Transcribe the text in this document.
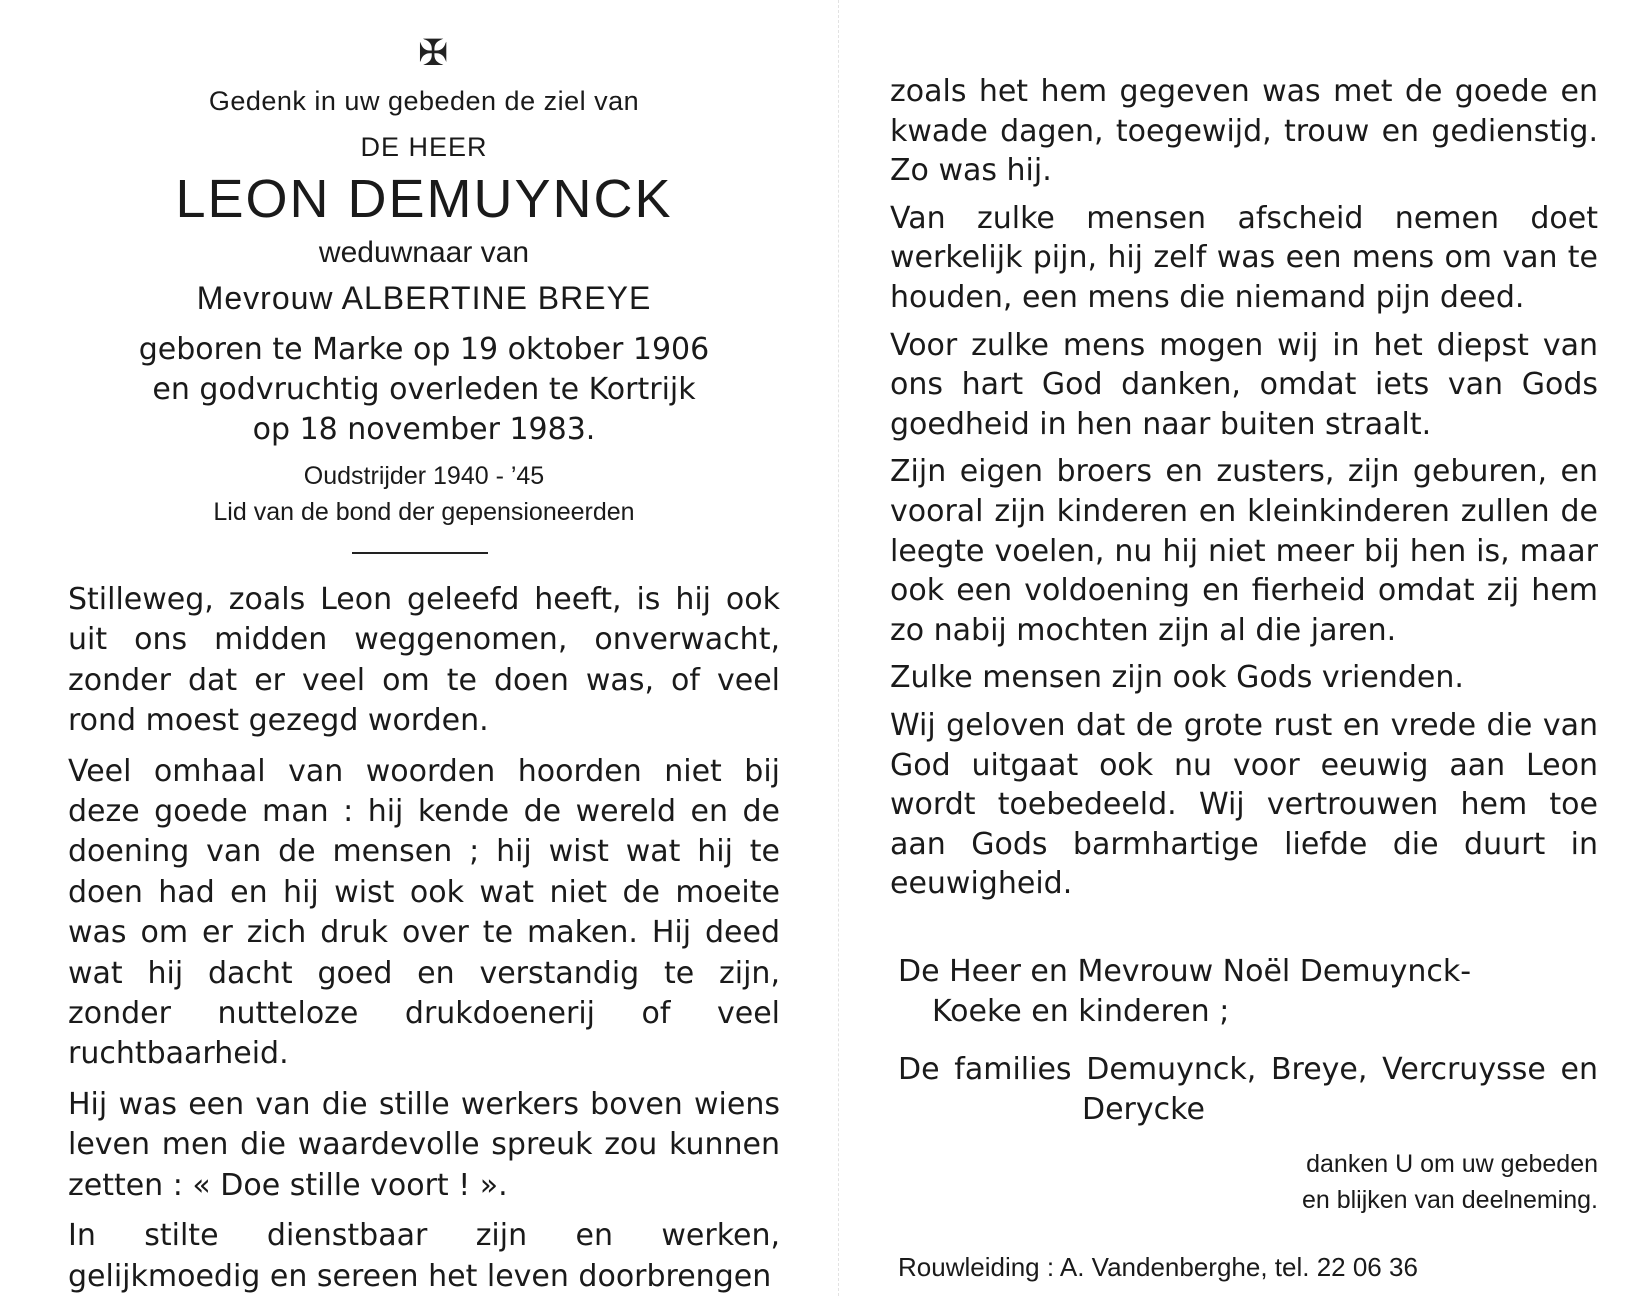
✠
Gedenk in uw gebeden de ziel van
DE HEER
LEON DEMUYNCK
weduwnaar van
Mevrouw ALBERTINE BREYE
geboren te Marke op 19 oktober 1906
en godvruchtig overleden te Kortrijk
op 18 november 1983.
Oudstrijder 1940 - ’45
Lid van de bond der gepensioneerden

Stilleweg, zoals Leon geleefd heeft, is hij ook uit ons midden weggenomen, onverwacht, zonder dat er veel om te doen was, of veel rond moest gezegd worden.

Veel omhaal van woorden hoorden niet bij deze goede man : hij kende de wereld en de doening van de mensen ; hij wist wat hij te doen had en hij wist ook wat niet de moeite was om er zich druk over te maken. Hij deed wat hij dacht goed en verstandig te zijn, zonder nutteloze drukdoenerij of veel ruchtbaarheid.

Hij was een van die stille werkers boven wiens leven men die waardevolle spreuk zou kunnen zetten : « Doe stille voort ! ».

In stilte dienstbaar zijn en werken, gelijkmoedig en sereen het leven doorbrengen

zoals het hem gegeven was met de goede en kwade dagen, toegewijd, trouw en gedienstig. Zo was hij.

Van zulke mensen afscheid nemen doet werkelijk pijn, hij zelf was een mens om van te houden, een mens die niemand pijn deed.

Voor zulke mens mogen wij in het diepst van ons hart God danken, omdat iets van Gods goedheid in hen naar buiten straalt.

Zijn eigen broers en zusters, zijn geburen, en vooral zijn kinderen en kleinkinderen zullen de leegte voelen, nu hij niet meer bij hen is, maar ook een voldoening en fierheid omdat zij hem zo nabij mochten zijn al die jaren.

Zulke mensen zijn ook Gods vrienden.

Wij geloven dat de grote rust en vrede die van God uitgaat ook nu voor eeuwig aan Leon wordt toebedeeld. Wij vertrouwen hem toe aan Gods barmhartige liefde die duurt in eeuwigheid.

De Heer en Mevrouw Noël Demuynck-
Koeke en kinderen ;
De families Demuynck, Breye, Vercruysse en
Derycke
danken U om uw gebeden
en blijken van deelneming.
Rouwleiding : A. Vandenberghe, tel. 22 06 36
